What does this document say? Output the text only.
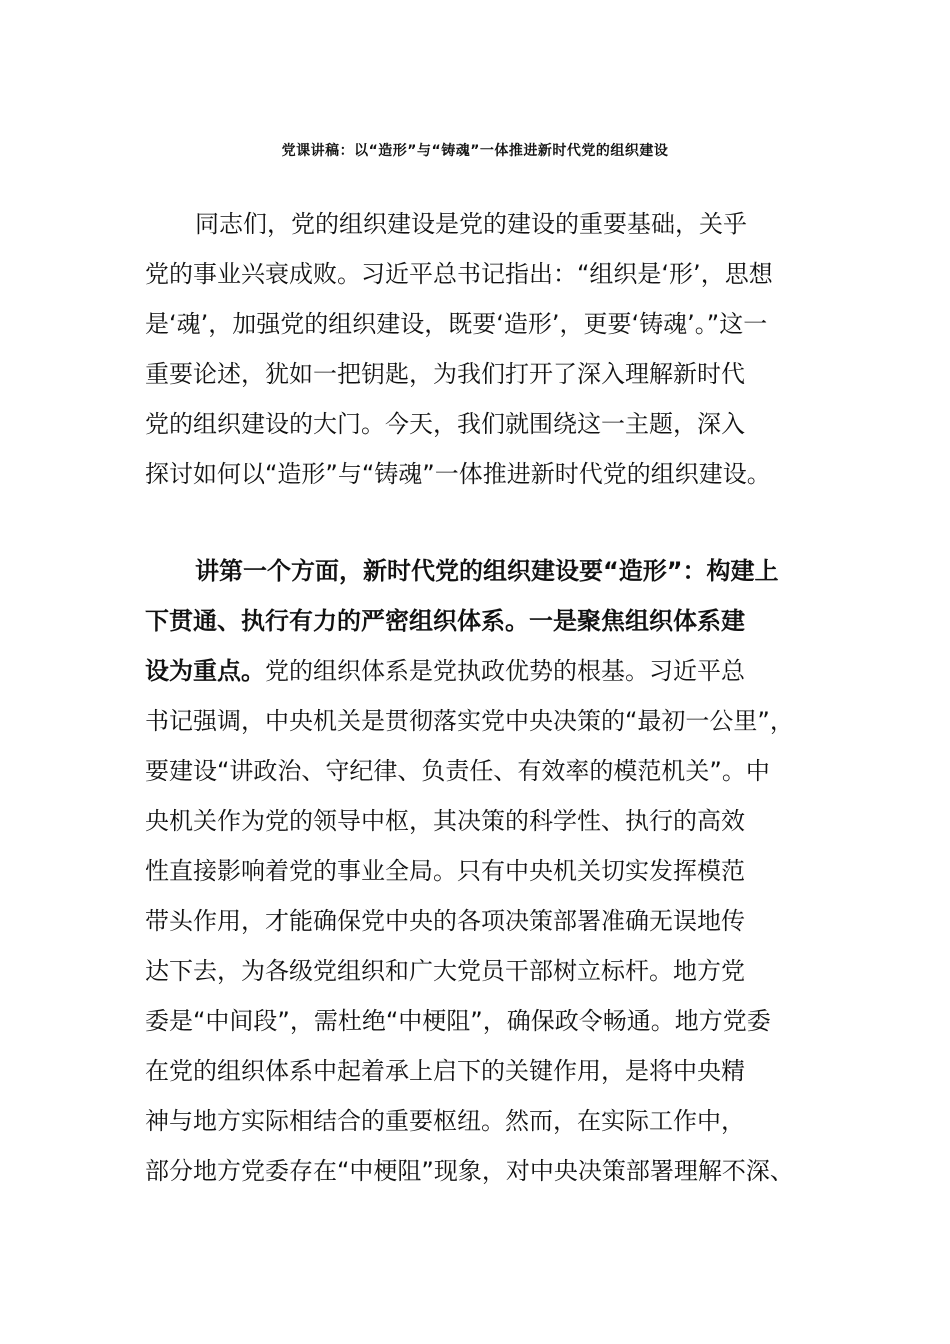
党课讲稿：以“造形”与“铸魂”一体推进新时代党的组织建设
同志们，党的组织建设是党的建设的重要基础，关乎
党的事业兴衰成败。习近平总书记指出：“组织是‘形’，思想
是‘魂’，加强党的组织建设，既要‘造形’，更要‘铸魂’。”这一
重要论述，犹如一把钥匙，为我们打开了深入理解新时代
党的组织建设的大门。今天，我们就围绕这一主题，深入
探讨如何以“造形”与“铸魂”一体推进新时代党的组织建设。
讲第一个方面，新时代党的组织建设要“造形”：构建上
下贯通、执行有力的严密组织体系。一是聚焦组织体系建
设为重点。党的组织体系是党执政优势的根基。习近平总
书记强调，中央机关是贯彻落实党中央决策的“最初一公里”，
要建设“讲政治、守纪律、负责任、有效率的模范机关”。中
央机关作为党的领导中枢，其决策的科学性、执行的高效
性直接影响着党的事业全局。只有中央机关切实发挥模范
带头作用，才能确保党中央的各项决策部署准确无误地传
达下去，为各级党组织和广大党员干部树立标杆。地方党
委是“中间段”，需杜绝“中梗阻”，确保政令畅通。地方党委
在党的组织体系中起着承上启下的关键作用，是将中央精
神与地方实际相结合的重要枢纽。然而，在实际工作中，
部分地方党委存在“中梗阻”现象，对中央决策部署理解不深、
